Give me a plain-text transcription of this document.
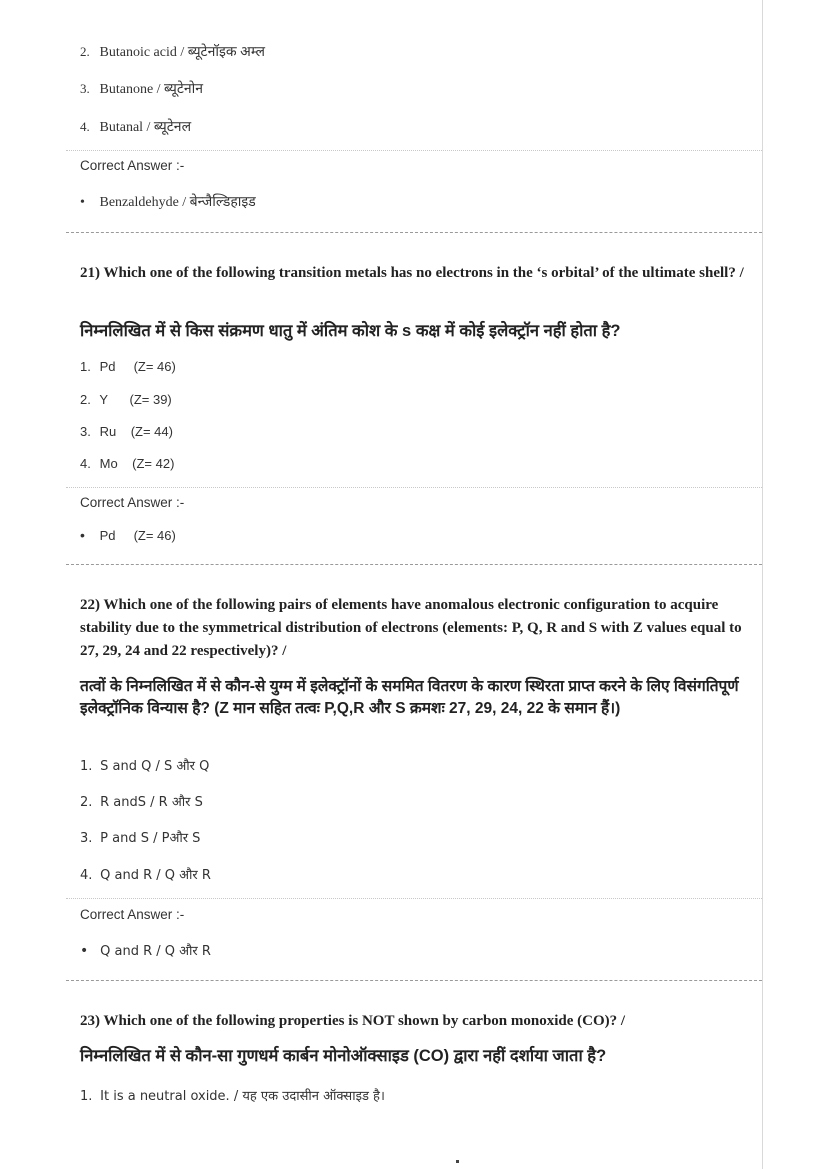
2. Butanoic acid / ब्यूटेनॉइक अम्ल
3. Butanone / ब्यूटेनोन
4. Butanal / ब्यूटेनल
Correct Answer :-
• Benzaldehyde / बेन्जैल्डिहाइड
21) Which one of the following transition metals has no electrons in the ‘s orbital’ of the ultimate shell? /
निम्नलिखित में से किस संक्रमण धातु में अंतिम कोश के s कक्ष में कोई इलेक्ट्रॉन नहीं होता है?
1. Pd     (Z= 46)
2. Y      (Z= 39)
3. Ru    (Z= 44)
4. Mo    (Z= 42)
Correct Answer :-
• Pd     (Z= 46)
22) Which one of the following pairs of elements have anomalous electronic configuration to acquire stability due to the symmetrical distribution of electrons (elements: P, Q, R and S with Z values equal to 27, 29, 24 and 22 respectively)? /
तत्वों के निम्नलिखित में से कौन-से युग्म में इलेक्ट्रॉनों के सममित वितरण के कारण स्थिरता प्राप्त करने के लिए विसंगतिपूर्ण इलेक्ट्रॉनिक विन्यास है? (Z मान सहित तत्वः P,Q,R और S क्रमशः 27, 29, 24, 22 के समान हैं।)
1. S and Q / S और Q
2. R andS / R और S
3. P and S / Pऔर S
4. Q and R / Q और R
Correct Answer :-
• Q and R / Q और R
23) Which one of the following properties is NOT shown by carbon monoxide (CO)? /
निम्नलिखित में से कौन-सा गुणधर्म कार्बन मोनोऑक्साइड (CO) द्वारा नहीं दर्शाया जाता है?
1. It is a neutral oxide. / यह एक उदासीन ऑक्साइड है।
